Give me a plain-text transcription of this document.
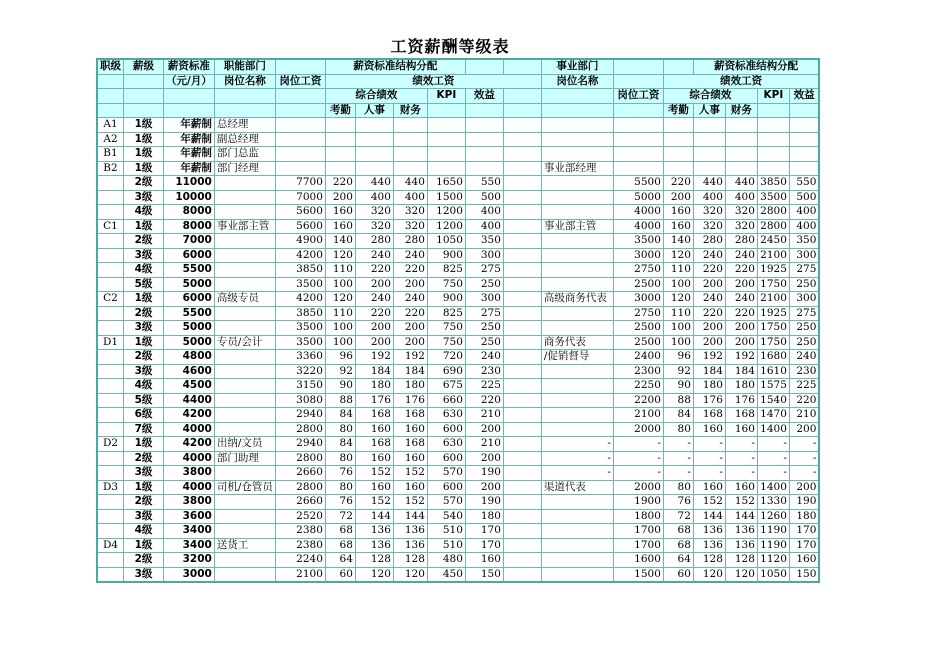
工资薪酬等级表
职级	薪级	薪资标准	职能部门		薪资标准结构分配						事业部门			薪资标准结构分配			
		（元/月）	岗位名称	岗位工资	绩效工资						岗位名称		绩效工资				
					综合绩效			KPI	效益			岗位工资	综合绩效			KPI	效益
					考勤	人事	财务						考勤	人事	财务		
A1	1级	年薪制	总经理														
A2	1级	年薪制	副总经理														
B1	1级	年薪制	部门总监														
B2	1级	年薪制	部门经理								事业部经理						
	2级	11000		7700	220	440	440	1650	550			5500	220	440	440	3850	550
	3级	10000		7000	200	400	400	1500	500			5000	200	400	400	3500	500
	4级	8000		5600	160	320	320	1200	400			4000	160	320	320	2800	400
C1	1级	8000	事业部主管	5600	160	320	320	1200	400		事业部主管	4000	160	320	320	2800	400
	2级	7000		4900	140	280	280	1050	350			3500	140	280	280	2450	350
	3级	6000		4200	120	240	240	900	300			3000	120	240	240	2100	300
	4级	5500		3850	110	220	220	825	275			2750	110	220	220	1925	275
	5级	5000		3500	100	200	200	750	250			2500	100	200	200	1750	250
C2	1级	6000	高级专员	4200	120	240	240	900	300		高级商务代表	3000	120	240	240	2100	300
	2级	5500		3850	110	220	220	825	275			2750	110	220	220	1925	275
	3级	5000		3500	100	200	200	750	250			2500	100	200	200	1750	250
D1	1级	5000	专员/会计	3500	100	200	200	750	250		商务代表	2500	100	200	200	1750	250
	2级	4800		3360	96	192	192	720	240		/促销督导	2400	96	192	192	1680	240
	3级	4600		3220	92	184	184	690	230			2300	92	184	184	1610	230
	4级	4500		3150	90	180	180	675	225			2250	90	180	180	1575	225
	5级	4400		3080	88	176	176	660	220			2200	88	176	176	1540	220
	6级	4200		2940	84	168	168	630	210			2100	84	168	168	1470	210
	7级	4000		2800	80	160	160	600	200			2000	80	160	160	1400	200
D2	1级	4200	出纳/文员	2940	84	168	168	630	210		-	-	-	-	-	-	-
	2级	4000	部门助理	2800	80	160	160	600	200		-	-	-	-	-	-	-
	3级	3800		2660	76	152	152	570	190		-	-	-	-	-	-	-
D3	1级	4000	司机/仓管员	2800	80	160	160	600	200		渠道代表	2000	80	160	160	1400	200
	2级	3800		2660	76	152	152	570	190			1900	76	152	152	1330	190
	3级	3600		2520	72	144	144	540	180			1800	72	144	144	1260	180
	4级	3400		2380	68	136	136	510	170			1700	68	136	136	1190	170
D4	1级	3400	送货工	2380	68	136	136	510	170			1700	68	136	136	1190	170
	2级	3200		2240	64	128	128	480	160			1600	64	128	128	1120	160
	3级	3000		2100	60	120	120	450	150			1500	60	120	120	1050	150
